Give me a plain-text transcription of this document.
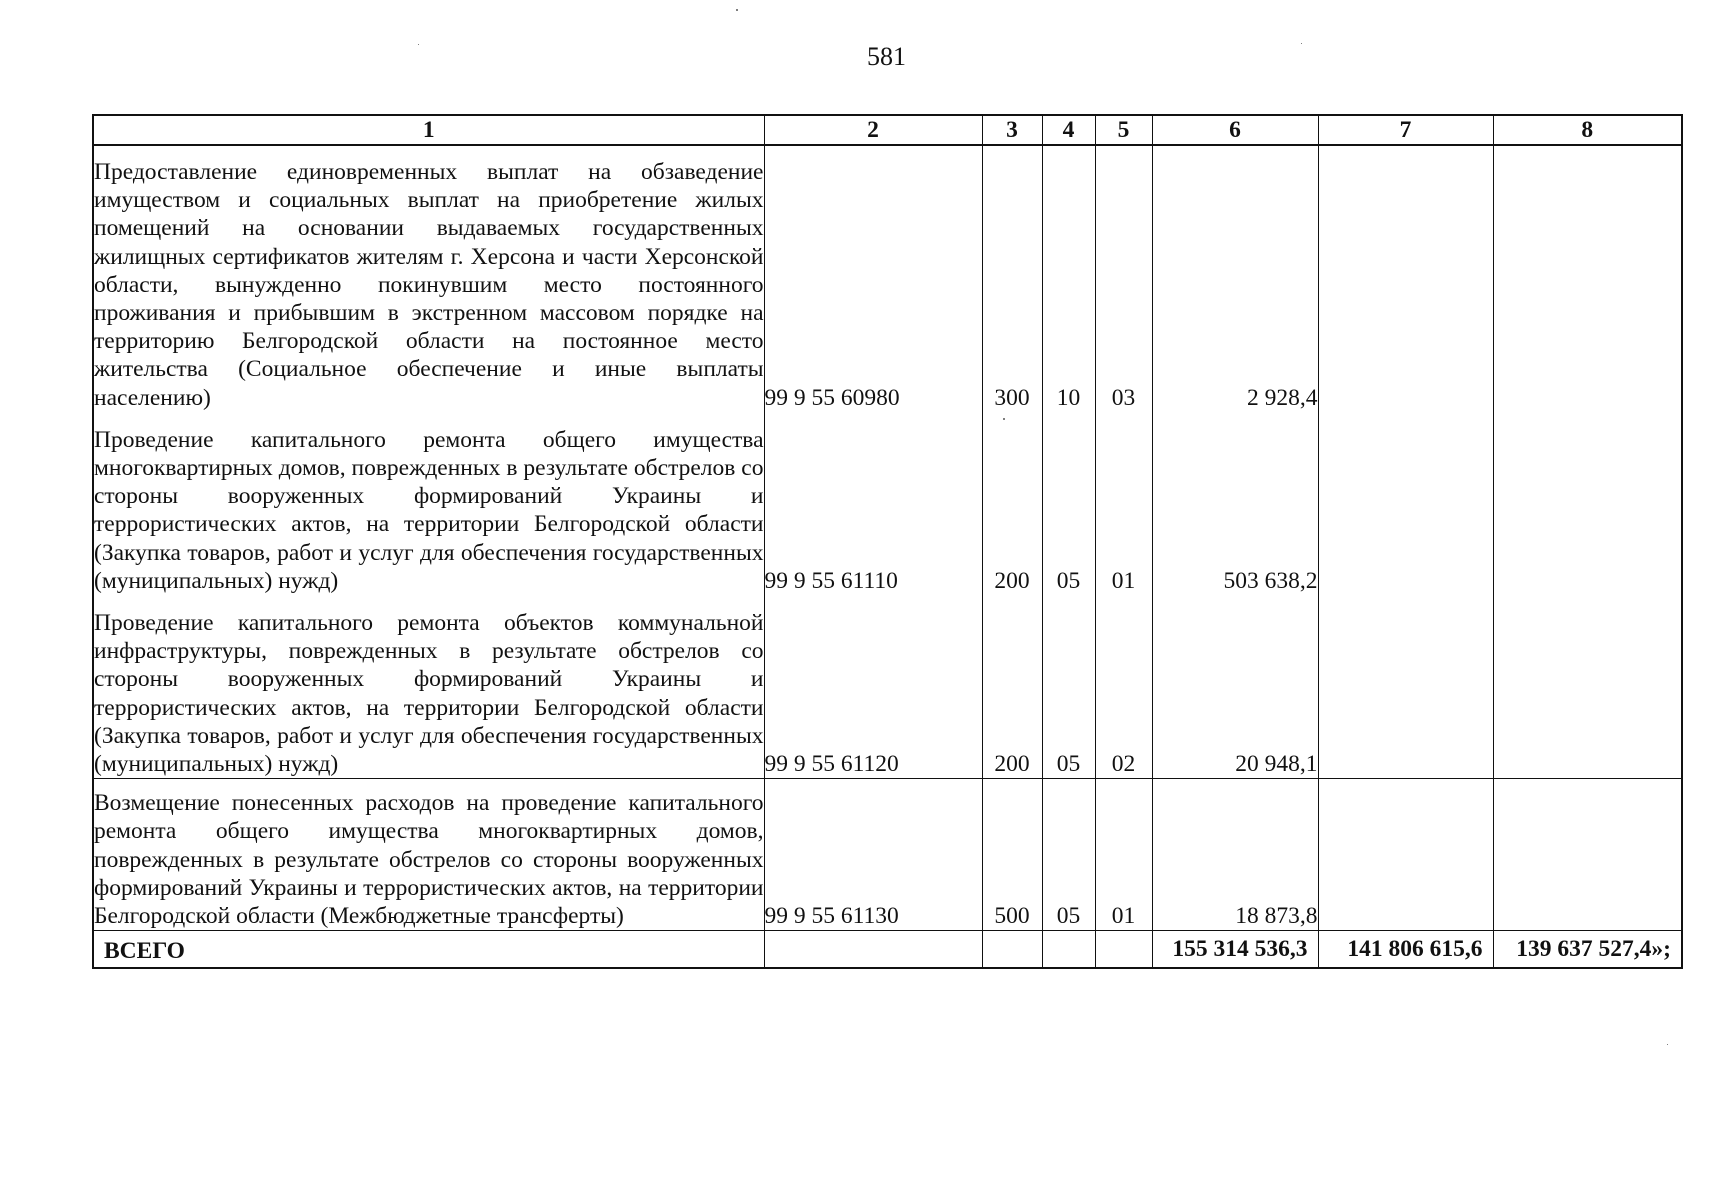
581
1	2	3	4	5	6	7	8
Предоставление единовременных выплат на обзаведение имуществом и социальных выплат на приобретение жилых помещений на основании выдаваемых государственных жилищных сертификатов жителям г. Херсона и части Херсонской области, вынужденно покинувшим место постоянного проживания и прибывшим в экстренном массовом порядке на территорию Белгородской области на постоянное место жительства (Социальное обеспечение и иные выплаты населению)	99 9 55 60980	300	10	03	2 928,4		
Проведение капитального ремонта общего имущества многоквартирных домов, поврежденных в результате обстрелов со стороны вооруженных формирований Украины и террористических актов, на территории Белгородской области (Закупка товаров, работ и услуг для обеспечения государственных (муниципальных) нужд)	99 9 55 61110	200	05	01	503 638,2		
Проведение капитального ремонта объектов коммунальной инфраструктуры, поврежденных в результате обстрелов со стороны вооруженных формирований Украины и террористических актов, на территории Белгородской области (Закупка товаров, работ и услуг для обеспечения государственных (муниципальных) нужд)	99 9 55 61120	200	05	02	20 948,1		
Возмещение понесенных расходов на проведение капитального ремонта общего имущества многоквартирных домов, поврежденных в результате обстрелов со стороны вооруженных формирований Украины и террористических актов, на территории Белгородской области (Межбюджетные трансферты)	99 9 55 61130	500	05	01	18 873,8		
ВСЕГО					155 314 536,3	141 806 615,6	139 637 527,4»;
